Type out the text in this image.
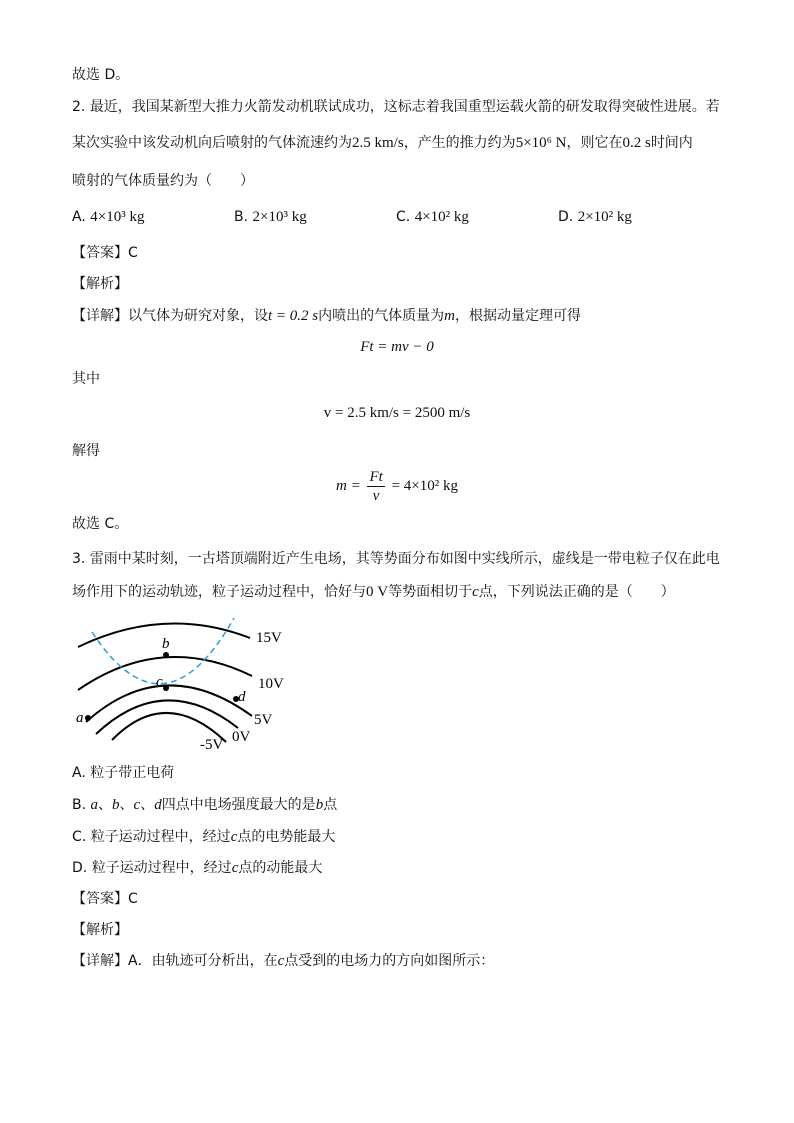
故选 D。
2. 最近，我国某新型大推力火箭发动机联试成功，这标志着我国重型运载火箭的研发取得突破性进展。若
某次实验中该发动机向后喷射的气体流速约为2.5 km/s，产生的推力约为5×10⁶ N，则它在0.2 s时间内
喷射的气体质量约为（　　）
A. 4×10³ kg	B. 2×10³ kg	C. 4×10² kg	D. 2×10² kg
【答案】C
【解析】
【详解】以气体为研究对象，设t = 0.2 s内喷出的气体质量为m，根据动量定理可得
Ft = mv − 0
其中
v = 2.5 km/s = 2500 m/s
解得
$m = \frac{Ft}{v} = 4\times 10^2$ kg
故选 C。
3. 雷雨中某时刻，一古塔顶端附近产生电场，其等势面分布如图中实线所示，虚线是一带电粒子仅在此电
场作用下的运动轨迹，粒子运动过程中，恰好与0 V等势面相切于c点，下列说法正确的是（　　）
a
b
c
d
15V
10V
5V
0V
-5V
A. 粒子带正电荷
B. a、b、c、d四点中电场强度最大的是b点
C. 粒子运动过程中，经过c点的电势能最大
D. 粒子运动过程中，经过c点的动能最大
【答案】C
【解析】
【详解】A．由轨迹可分析出，在c点受到的电场力的方向如图所示：
